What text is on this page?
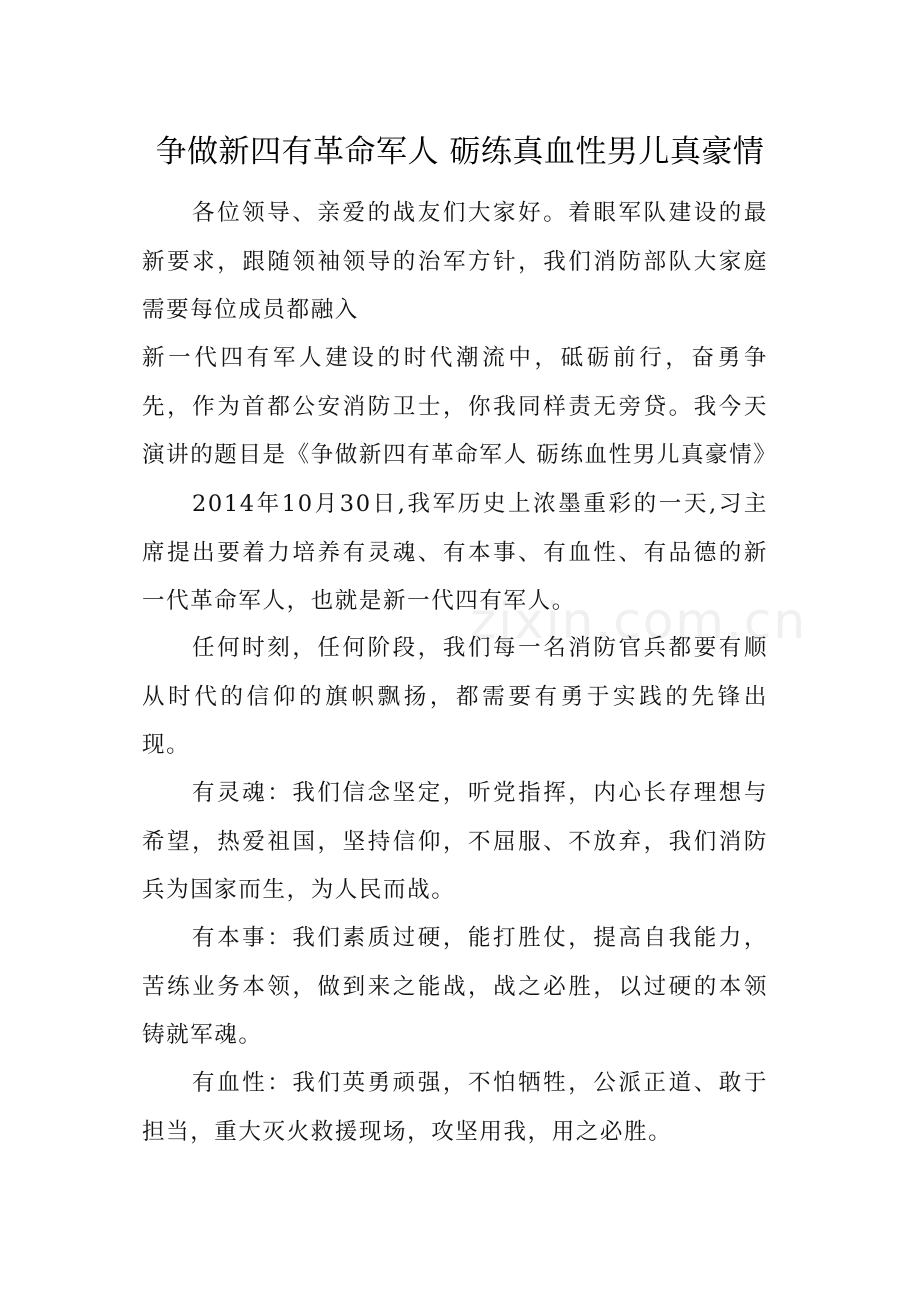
争做新四有革命军人 砺练真血性男儿真豪情
zixin.com.cn

各位领导、亲爱的战友们大家好。着眼军队建设的最新要求，跟随领袖领导的治军方针，我们消防部队大家庭需要每位成员都融入

新一代四有军人建设的时代潮流中，砥砺前行，奋勇争先，作为首都公安消防卫士，你我同样责无旁贷。我今天演讲的题目是《争做新四有革命军人 砺练血性男儿真豪情》

2014年10月30日,我军历史上浓墨重彩的一天,习主席提出要着力培养有灵魂、有本事、有血性、有品德的新一代革命军人，也就是新一代四有军人。

任何时刻，任何阶段，我们每一名消防官兵都要有顺从时代的信仰的旗帜飘扬，都需要有勇于实践的先锋出现。

有灵魂：我们信念坚定，听党指挥，内心长存理想与希望，热爱祖国，坚持信仰，不屈服、不放弃，我们消防兵为国家而生，为人民而战。

有本事：我们素质过硬，能打胜仗，提高自我能力，苦练业务本领，做到来之能战，战之必胜，以过硬的本领铸就军魂。

有血性：我们英勇顽强，不怕牺牲，公派正道、敢于担当，重大灭火救援现场，攻坚用我，用之必胜。
